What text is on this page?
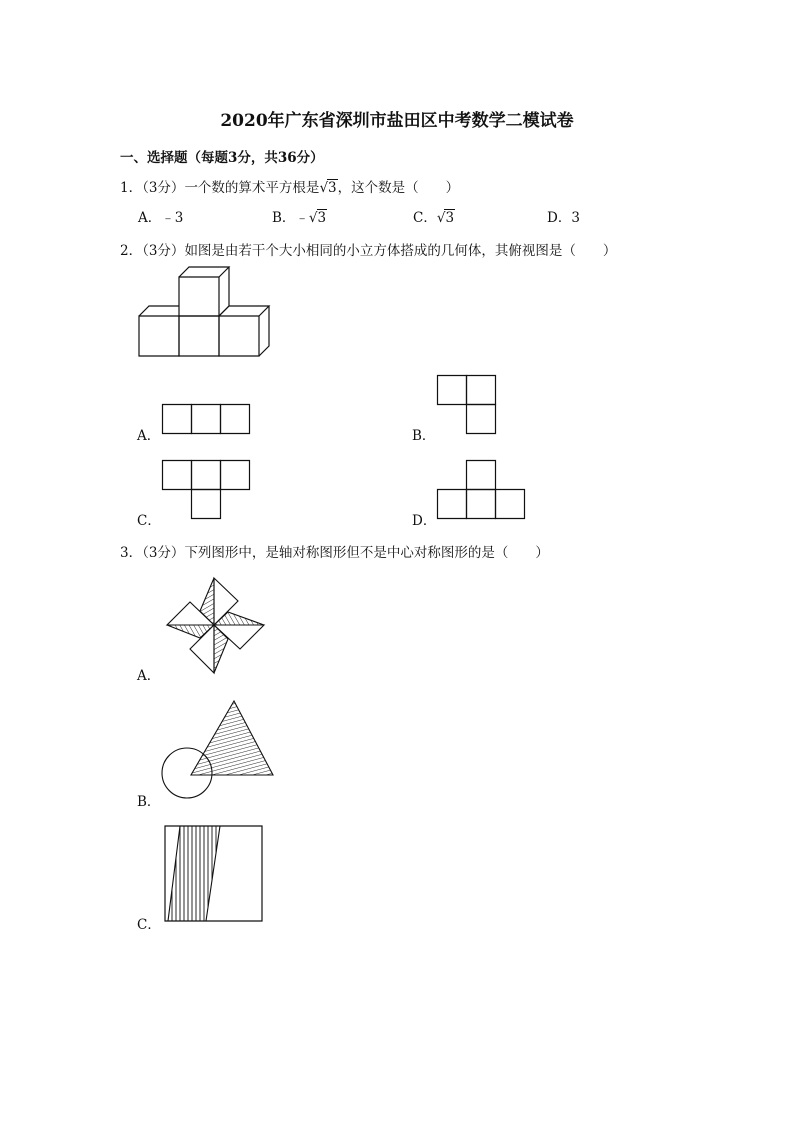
2020年广东省深圳市盐田区中考数学二模试卷
一、选择题（每题3分，共36分）
1．（3分）一个数的算术平方根是√3，这个数是（　　）
A．﹣3	B．﹣√3	C．√3	D．3
2．（3分）如图是由若干个大小相同的小立方体搭成的几何体，其俯视图是（　　）
A．	B．
C．	D．
3．（3分）下列图形中，是轴对称图形但不是中心对称图形的是（　　）
A．
B．
C．
